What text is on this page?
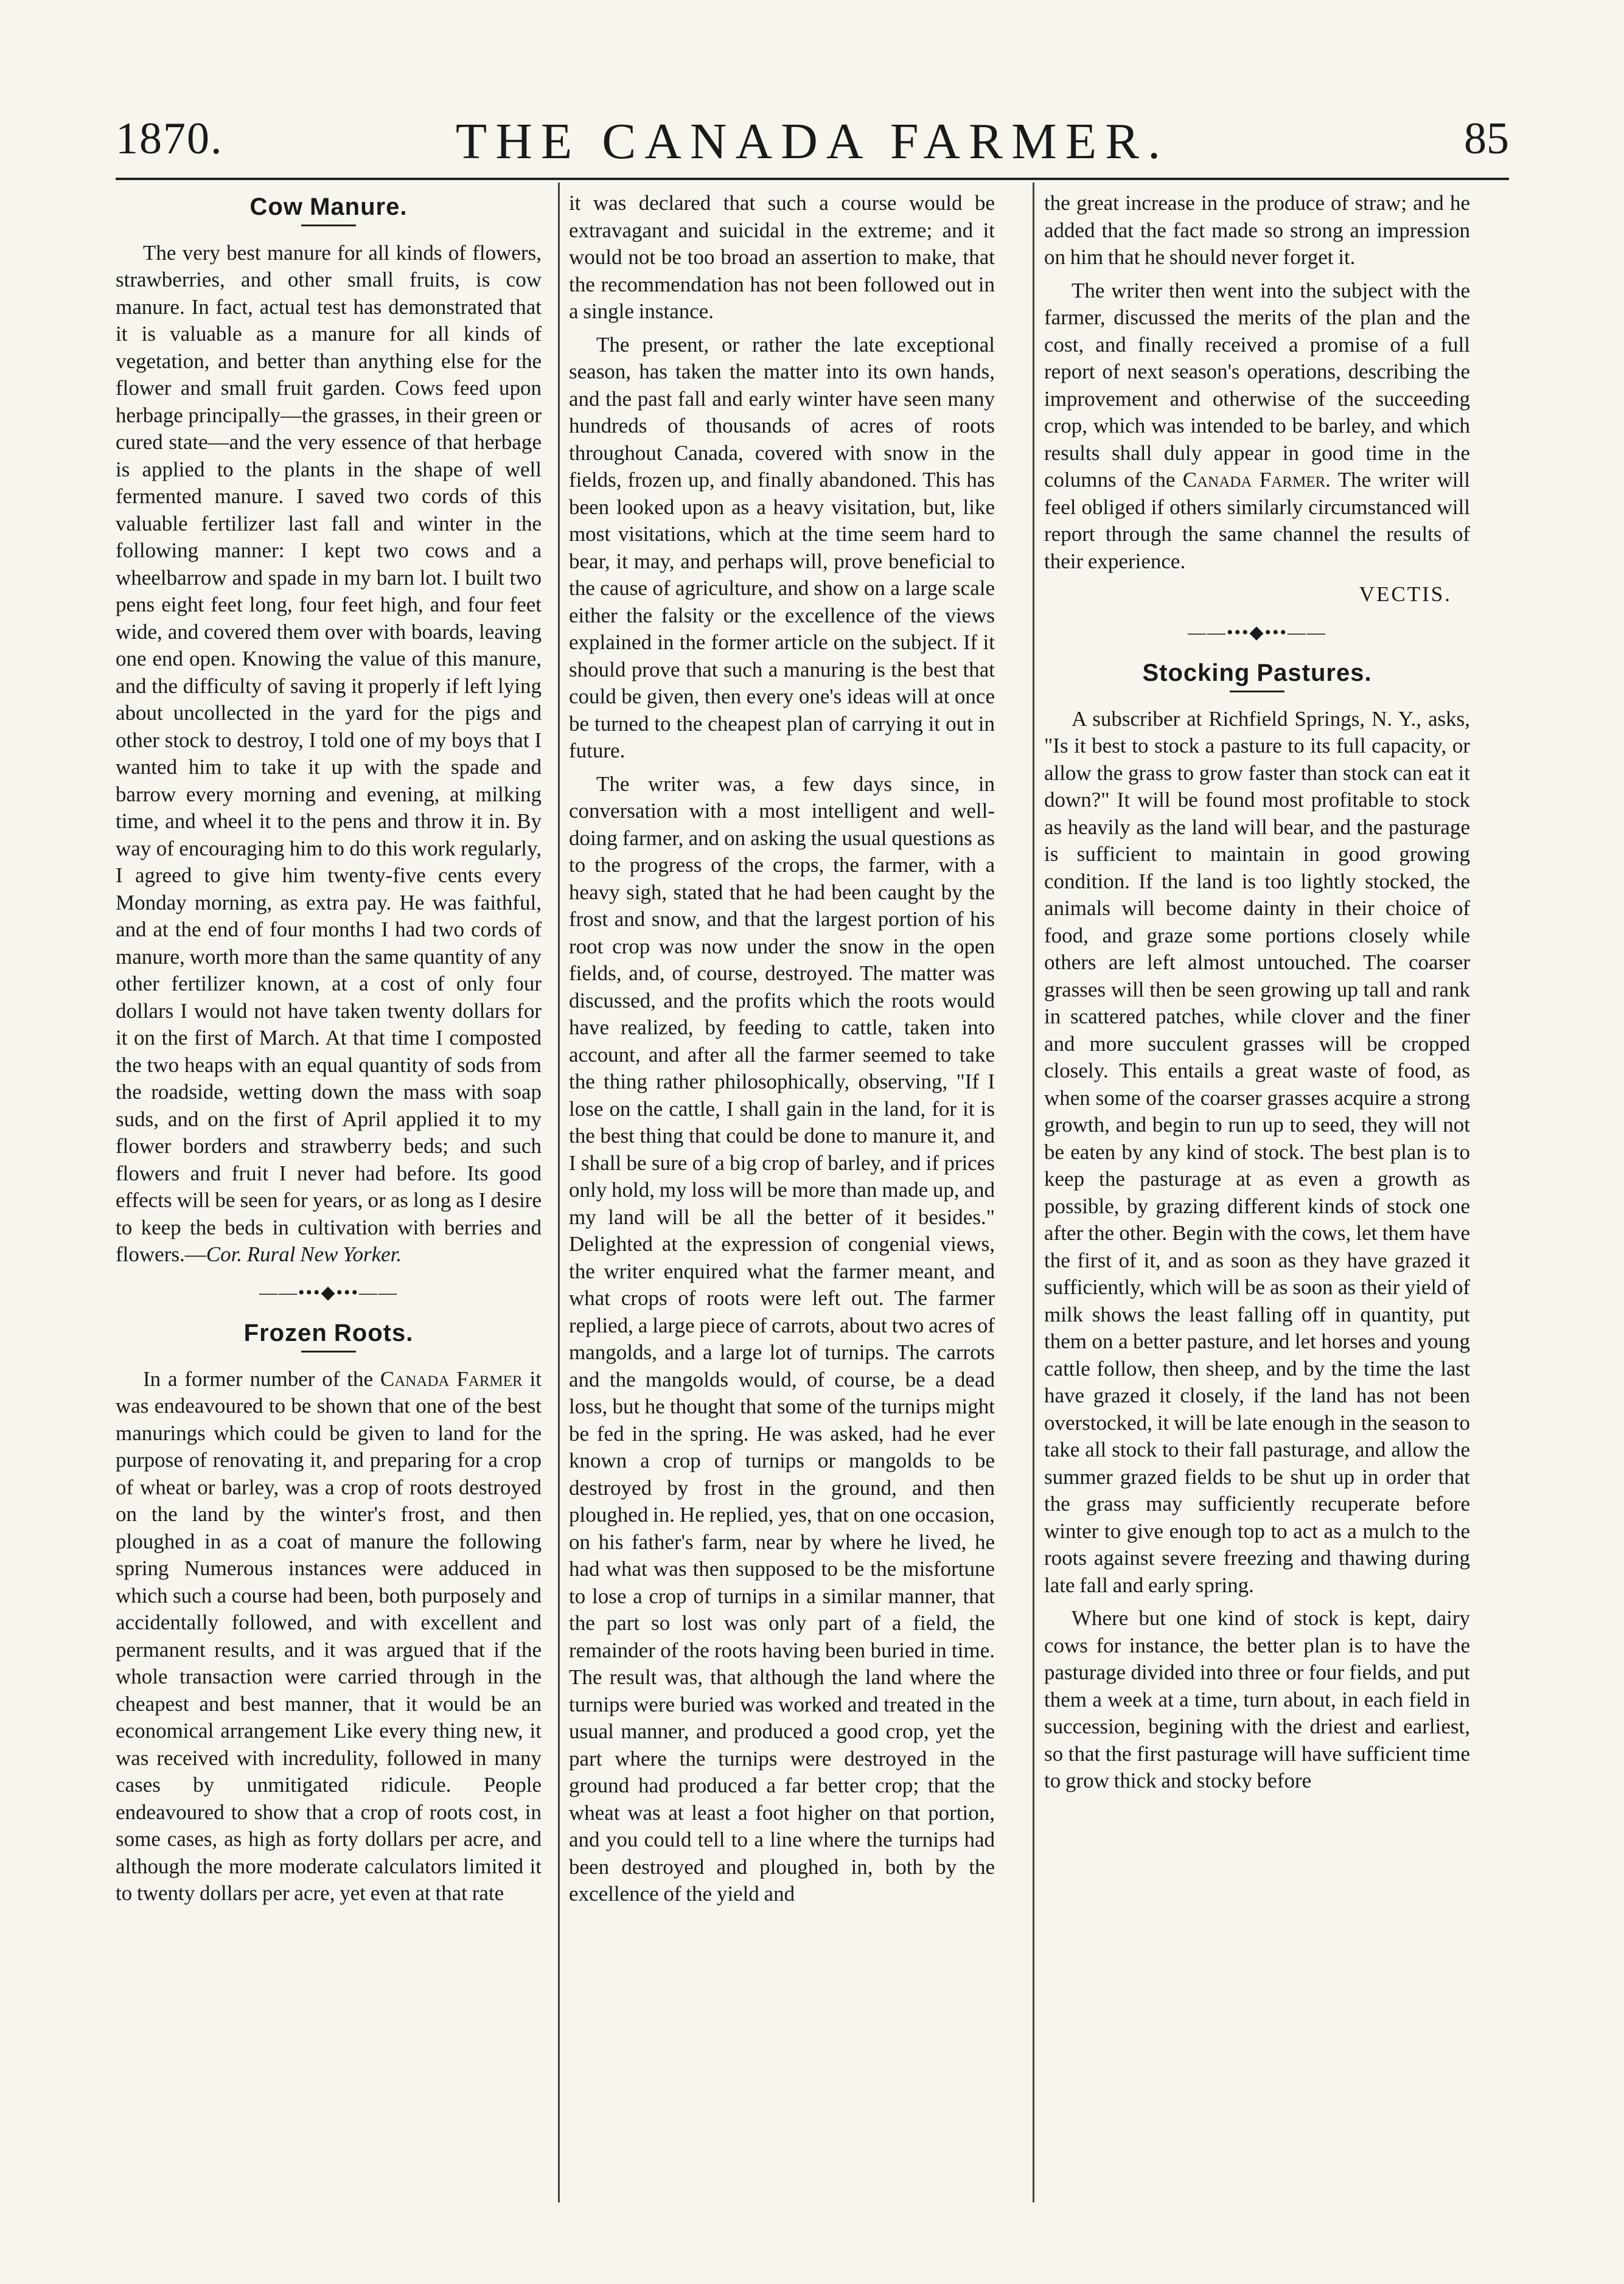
1870.	THE CANADA FARMER.	85
Cow Manure.

The very best manure for all kinds of flowers, strawberries, and other small fruits, is cow manure. In fact, actual test has demonstrated that it is valuable as a manure for all kinds of vegetation, and better than anything else for the flower and small fruit garden. Cows feed upon herbage principally—the grasses, in their green or cured state—and the very essence of that herbage is applied to the plants in the shape of well fermented manure. I saved two cords of this valuable fertilizer last fall and winter in the following manner: I kept two cows and a wheelbarrow and spade in my barn lot. I built two pens eight feet long, four feet high, and four feet wide, and covered them over with boards, leaving one end open. Knowing the value of this manure, and the difficulty of saving it properly if left lying about uncollected in the yard for the pigs and other stock to destroy, I told one of my boys that I wanted him to take it up with the spade and barrow every morning and evening, at milking time, and wheel it to the pens and throw it in. By way of encouraging him to do this work regularly, I agreed to give him twenty-five cents every Monday morning, as extra pay. He was faithful, and at the end of four months I had two cords of manure, worth more than the same quantity of any other fertilizer known, at a cost of only four dollars I would not have taken twenty dollars for it on the first of March. At that time I composted the two heaps with an equal quantity of sods from the roadside, wetting down the mass with soap suds, and on the first of April applied it to my flower borders and strawberry beds; and such flowers and fruit I never had before. Its good effects will be seen for years, or as long as I desire to keep the beds in cultivation with berries and flowers.—Cor. Rural New Yorker.

——•••◆•••——
Frozen Roots.

In a former number of the Canada Farmer it was endeavoured to be shown that one of the best manurings which could be given to land for the purpose of renovating it, and preparing for a crop of wheat or barley, was a crop of roots destroyed on the land by the winter's frost, and then ploughed in as a coat of manure the following spring Numerous instances were adduced in which such a course had been, both purposely and accidentally followed, and with excellent and permanent results, and it was argued that if the whole transaction were carried through in the cheapest and best manner, that it would be an economical arrangement Like every thing new, it was received with incredulity, followed in many cases by unmitigated ridicule. People endeavoured to show that a crop of roots cost, in some cases, as high as forty dollars per acre, and although the more moderate calculators limited it to twenty dollars per acre, yet even at that rate

it was declared that such a course would be extravagant and suicidal in the extreme; and it would not be too broad an assertion to make, that the recommendation has not been followed out in a single instance.

The present, or rather the late exceptional season, has taken the matter into its own hands, and the past fall and early winter have seen many hundreds of thousands of acres of roots throughout Canada, covered with snow in the fields, frozen up, and finally abandoned. This has been looked upon as a heavy visitation, but, like most visitations, which at the time seem hard to bear, it may, and perhaps will, prove beneficial to the cause of agriculture, and show on a large scale either the falsity or the excellence of the views explained in the former article on the subject. If it should prove that such a manuring is the best that could be given, then every one's ideas will at once be turned to the cheapest plan of carrying it out in future.

The writer was, a few days since, in conversation with a most intelligent and well-doing farmer, and on asking the usual questions as to the progress of the crops, the farmer, with a heavy sigh, stated that he had been caught by the frost and snow, and that the largest portion of his root crop was now under the snow in the open fields, and, of course, destroyed. The matter was discussed, and the profits which the roots would have realized, by feeding to cattle, taken into account, and after all the farmer seemed to take the thing rather philosophically, observing, "If I lose on the cattle, I shall gain in the land, for it is the best thing that could be done to manure it, and I shall be sure of a big crop of barley, and if prices only hold, my loss will be more than made up, and my land will be all the better of it besides." Delighted at the expression of congenial views, the writer enquired what the farmer meant, and what crops of roots were left out. The farmer replied, a large piece of carrots, about two acres of mangolds, and a large lot of turnips. The carrots and the mangolds would, of course, be a dead loss, but he thought that some of the turnips might be fed in the spring. He was asked, had he ever known a crop of turnips or mangolds to be destroyed by frost in the ground, and then ploughed in. He replied, yes, that on one occasion, on his father's farm, near by where he lived, he had what was then supposed to be the misfortune to lose a crop of turnips in a similar manner, that the part so lost was only part of a field, the remainder of the roots having been buried in time. The result was, that although the land where the turnips were buried was worked and treated in the usual manner, and produced a good crop, yet the part where the turnips were destroyed in the ground had produced a far better crop; that the wheat was at least a foot higher on that portion, and you could tell to a line where the turnips had been destroyed and ploughed in, both by the excellence of the yield and

the great increase in the produce of straw; and he added that the fact made so strong an impression on him that he should never forget it.

The writer then went into the subject with the farmer, discussed the merits of the plan and the cost, and finally received a promise of a full report of next season's operations, describing the improvement and otherwise of the succeeding crop, which was intended to be barley, and which results shall duly appear in good time in the columns of the Canada Farmer. The writer will feel obliged if others similarly circumstanced will report through the same channel the results of their experience.

VECTIS.
——•••◆•••——
Stocking Pastures.

A subscriber at Richfield Springs, N. Y., asks, "Is it best to stock a pasture to its full capacity, or allow the grass to grow faster than stock can eat it down?" It will be found most profitable to stock as heavily as the land will bear, and the pasturage is sufficient to maintain in good growing condition. If the land is too lightly stocked, the animals will become dainty in their choice of food, and graze some portions closely while others are left almost untouched. The coarser grasses will then be seen growing up tall and rank in scattered patches, while clover and the finer and more succulent grasses will be cropped closely. This entails a great waste of food, as when some of the coarser grasses acquire a strong growth, and begin to run up to seed, they will not be eaten by any kind of stock. The best plan is to keep the pasturage at as even a growth as possible, by grazing different kinds of stock one after the other. Begin with the cows, let them have the first of it, and as soon as they have grazed it sufficiently, which will be as soon as their yield of milk shows the least falling off in quantity, put them on a better pasture, and let horses and young cattle follow, then sheep, and by the time the last have grazed it closely, if the land has not been overstocked, it will be late enough in the season to take all stock to their fall pasturage, and allow the summer grazed fields to be shut up in order that the grass may sufficiently recuperate before winter to give enough top to act as a mulch to the roots against severe freezing and thawing during late fall and early spring.

Where but one kind of stock is kept, dairy cows for instance, the better plan is to have the pasturage divided into three or four fields, and put them a week at a time, turn about, in each field in succession, begining with the driest and earliest, so that the first pasturage will have sufficient time to grow thick and stocky before
